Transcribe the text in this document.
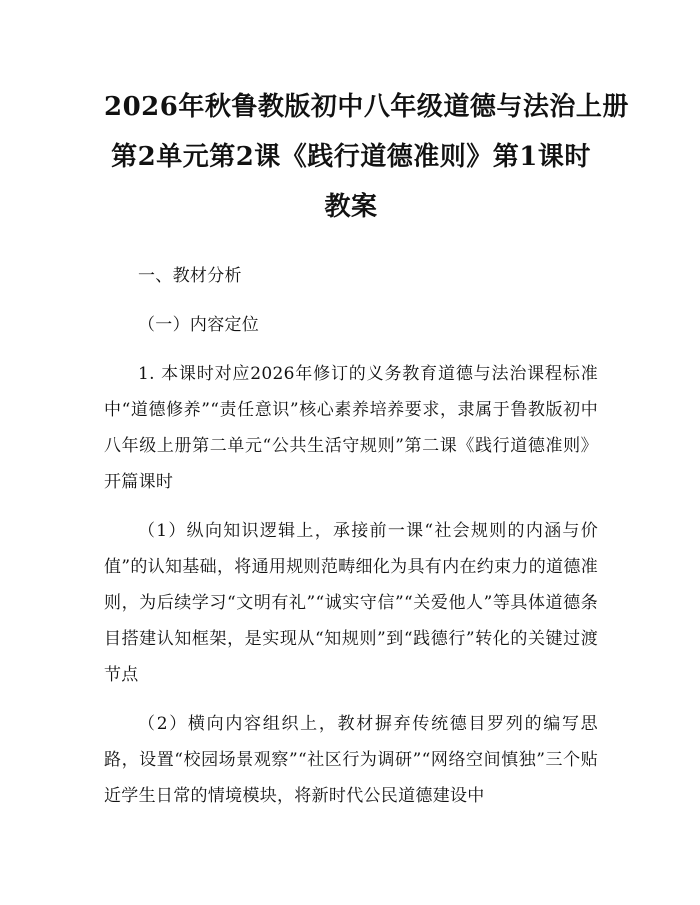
2026年秋鲁教版初中八年级道德与法治上册
第2单元第2课《践行道德准则》第1课时
教案

一、教材分析

（一）内容定位

1. 本课时对应2026年修订的义务教育道德与法治课程标准中“道德修养”“责任意识”核心素养培养要求，隶属于鲁教版初中八年级上册第二单元“公共生活守规则”第二课《践行道德准则》开篇课时

（1）纵向知识逻辑上，承接前一课“社会规则的内涵与价值”的认知基础，将通用规则范畴细化为具有内在约束力的道德准则，为后续学习“文明有礼”“诚实守信”“关爱他人”等具体道德条目搭建认知框架，是实现从“知规则”到“践德行”转化的关键过渡节点

（2）横向内容组织上，教材摒弃传统德目罗列的编写思路，设置“校园场景观察”“社区行为调研”“网络空间慎独”三个贴近学生日常的情境模块，将新时代公民道德建设中
